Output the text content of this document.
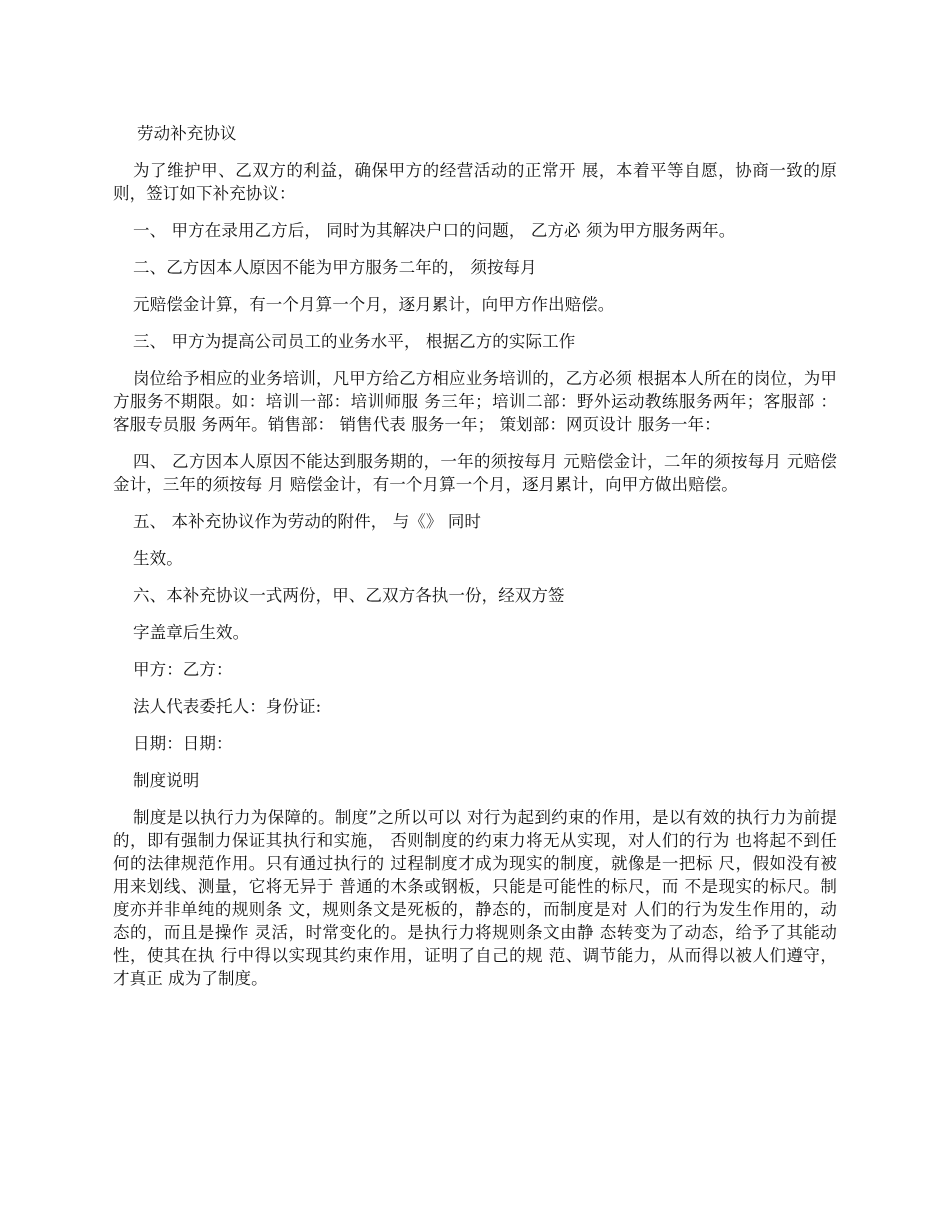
劳动补充协议

为了维护甲、乙双方的利益，确保甲方的经营活动的正常开 展，本着平等自愿，协商一致的原则，签订如下补充协议：

一、 甲方在录用乙方后， 同时为其解决户口的问题， 乙方必 须为甲方服务两年。

二、乙方因本人原因不能为甲方服务二年的， 须按每月

元赔偿金计算，有一个月算一个月，逐月累计，向甲方作出赔偿。

三、 甲方为提高公司员工的业务水平， 根据乙方的实际工作

岗位给予相应的业务培训，凡甲方给乙方相应业务培训的，乙方必须 根据本人所在的岗位，为甲方服务不期限。如：培训一部：培训师服 务三年；培训二部：野外运动教练服务两年；客服部 ：客服专员服 务两年。销售部： 销售代表 服务一年； 策划部：网页设计 服务一年：

四、 乙方因本人原因不能达到服务期的，一年的须按每月 元赔偿金计，二年的须按每月 元赔偿金计，三年的须按每 月 赔偿金计，有一个月算一个月，逐月累计，向甲方做出赔偿。

五、 本补充协议作为劳动的附件， 与《》 同时

生效。

六、本补充协议一式两份，甲、乙双方各执一份，经双方签

字盖章后生效。

甲方：乙方：

法人代表委托人：身份证:

日期：日期：

制度说明

制度是以执行力为保障的。制度”之所以可以 对行为起到约束的作用，是以有效的执行力为前提的，即有强制力保证其执行和实施， 否则制度的约束力将无从实现，对人们的行为 也将起不到任何的法律规范作用。只有通过执行的 过程制度才成为现实的制度，就像是一把标 尺，假如没有被用来划线、测量，它将无异于 普通的木条或钢板，只能是可能性的标尺，而 不是现实的标尺。制度亦并非单纯的规则条 文，规则条文是死板的，静态的，而制度是对 人们的行为发生作用的，动态的，而且是操作 灵活，时常变化的。是执行力将规则条文由静 态转变为了动态，给予了其能动性，使其在执 行中得以实现其约束作用，证明了自己的规 范、调节能力，从而得以被人们遵守，才真正 成为了制度。
